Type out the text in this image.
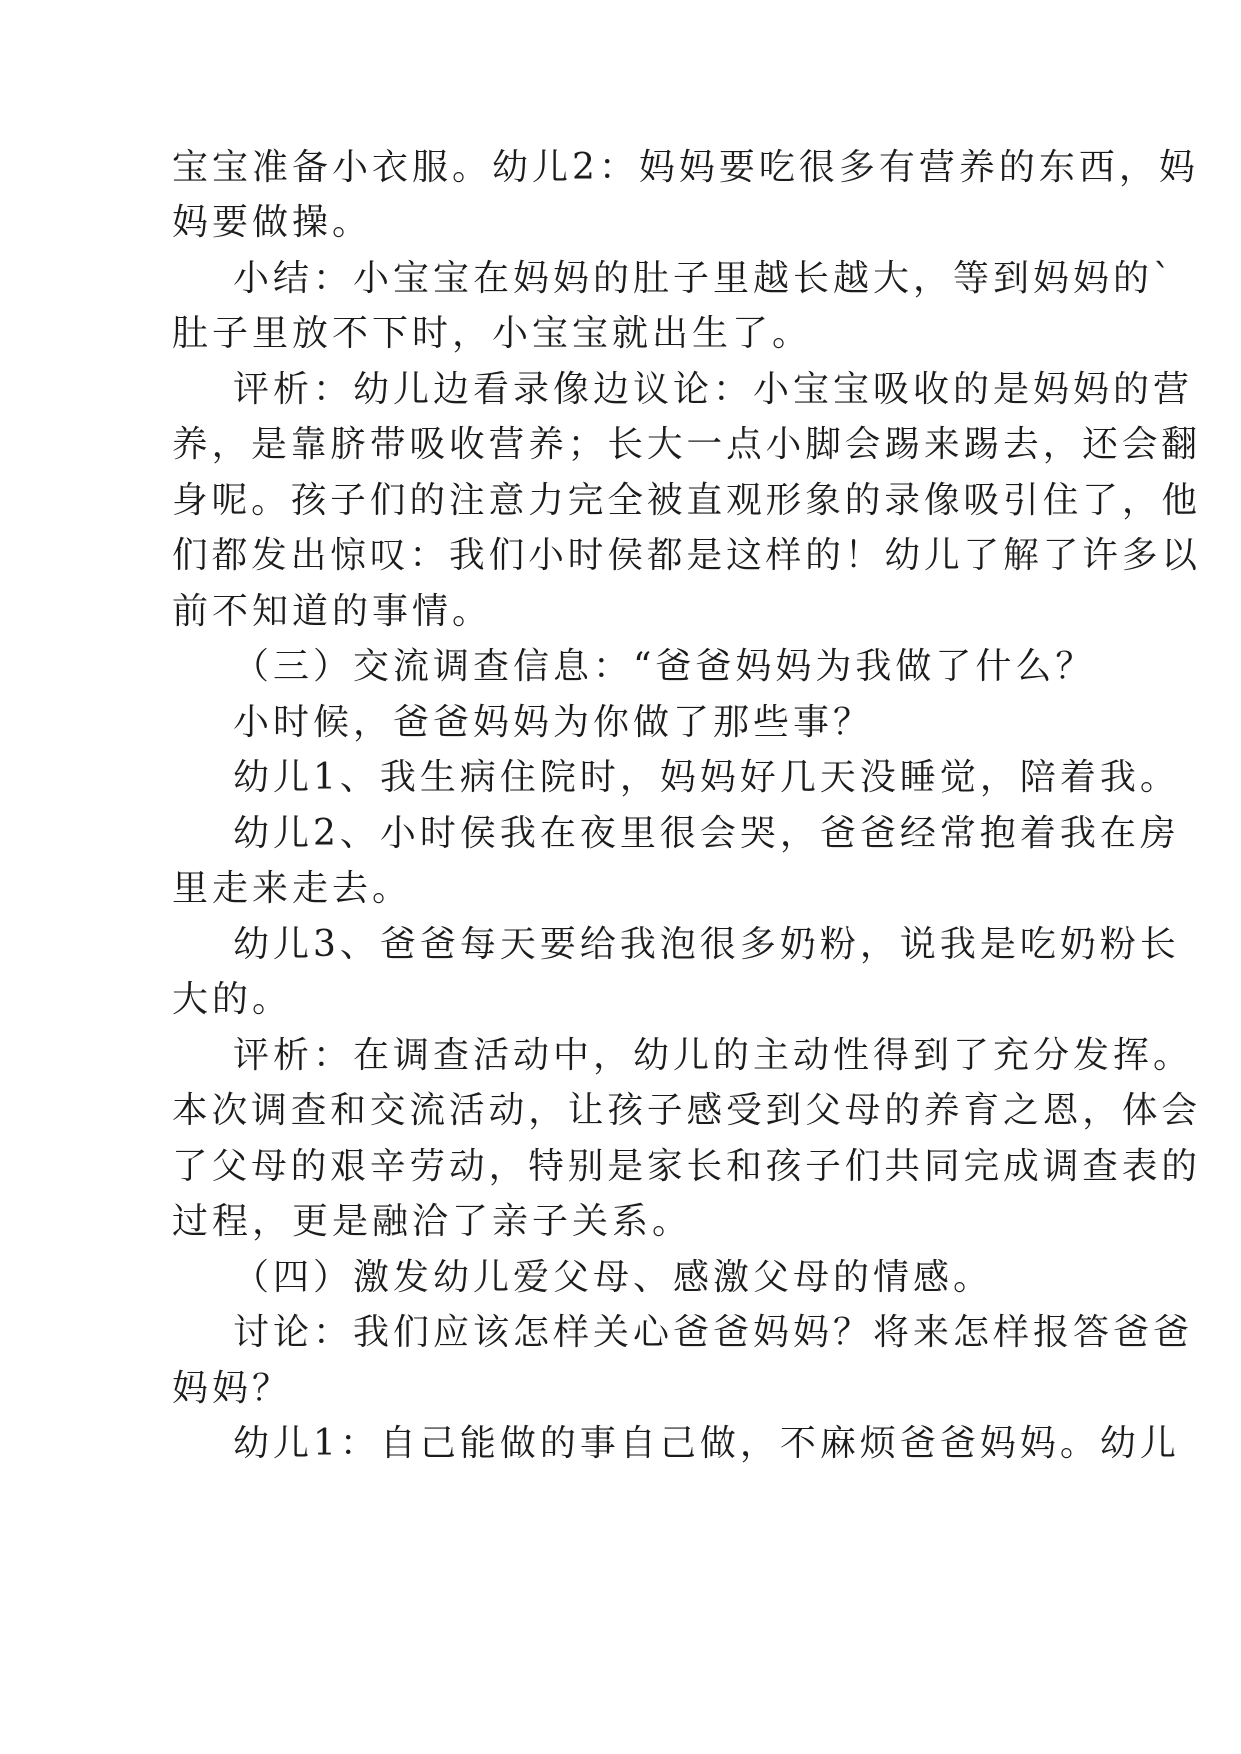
宝宝准备小衣服。幼儿2：妈妈要吃很多有营养的东西，妈
妈要做操。
小结：小宝宝在妈妈的肚子里越长越大，等到妈妈的`
肚子里放不下时，小宝宝就出生了。
评析：幼儿边看录像边议论：小宝宝吸收的是妈妈的营
养，是靠脐带吸收营养；长大一点小脚会踢来踢去，还会翻
身呢。孩子们的注意力完全被直观形象的录像吸引住了，他
们都发出惊叹：我们小时侯都是这样的！幼儿了解了许多以
前不知道的事情。
（三）交流调查信息：“爸爸妈妈为我做了什么？
小时候，爸爸妈妈为你做了那些事？
幼儿1、我生病住院时，妈妈好几天没睡觉，陪着我。
幼儿2、小时侯我在夜里很会哭，爸爸经常抱着我在房
里走来走去。
幼儿3、爸爸每天要给我泡很多奶粉，说我是吃奶粉长
大的。
评析：在调查活动中，幼儿的主动性得到了充分发挥。
本次调查和交流活动，让孩子感受到父母的养育之恩，体会
了父母的艰辛劳动，特别是家长和孩子们共同完成调查表的
过程，更是融洽了亲子关系。
（四）激发幼儿爱父母、感激父母的情感。
讨论：我们应该怎样关心爸爸妈妈？将来怎样报答爸爸
妈妈？
幼儿1：自己能做的事自己做，不麻烦爸爸妈妈。幼儿
